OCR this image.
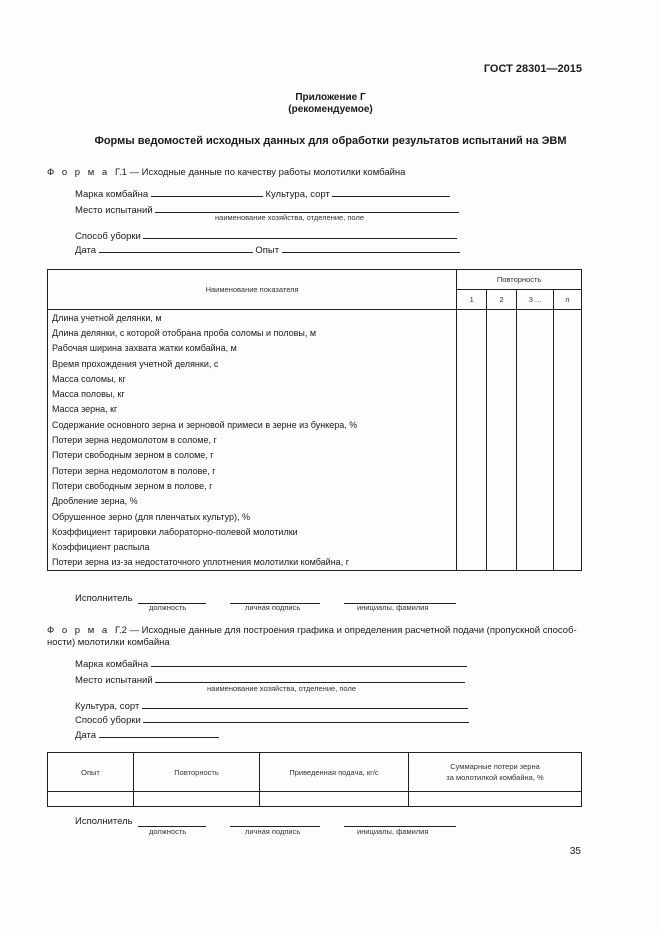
ГОСТ 28301—2015
Приложение Г
(рекомендуемое)
Формы ведомостей исходных данных для обработки результатов испытаний на ЭВМ
Ф о р м а Г.1 — Исходные данные по качеству работы молотилки комбайна
Марка комбайна	Культура, сорт
Место испытаний
наименование хозяйства, отделение, поле
Способ уборки
Дата	Опыт
Наименование показателя	Повторность			
	1	2	3 ...	n
Длина учетной делянки, м				
Длина делянки, с которой отобрана проба соломы и половы, м				
Рабочая ширина захвата жатки комбайна, м				
Время прохождения учетной делянки, с				
Масса соломы, кг				
Масса половы, кг				
Масса зерна, кг				
Содержание основного зерна и зерновой примеси в зерне из бункера, %				
Потери зерна недомолотом в соломе, г				
Потери свободным зерном в соломе, г				
Потери зерна недомолотом в полове, г				
Потери свободным зерном в полове, г				
Дробление зерна, %				
Обрушенное зерно (для пленчатых культур), %				
Коэффициент тарировки лабораторно-полевой молотилки				
Коэффициент распыла				
Потери зерна из-за недостаточного уплотнения молотилки комбайна, г				
Исполнитель
должность	личная подпись	инициалы, фамилия
Ф о р м а Г.2 — Исходные данные для построения графика и определения расчетной подачи (пропускной способ-
ности) молотилки комбайна
Марка комбайна
Место испытаний
наименование хозяйства, отделение, поле
Культура, сорт
Способ уборки
Дата
Опыт	Повторность	Приведенная подача, кг/с	Суммарные потери зерна
за молотилкой комбайна, %

Исполнитель
должность	личная подпись	инициалы, фамилия
35
